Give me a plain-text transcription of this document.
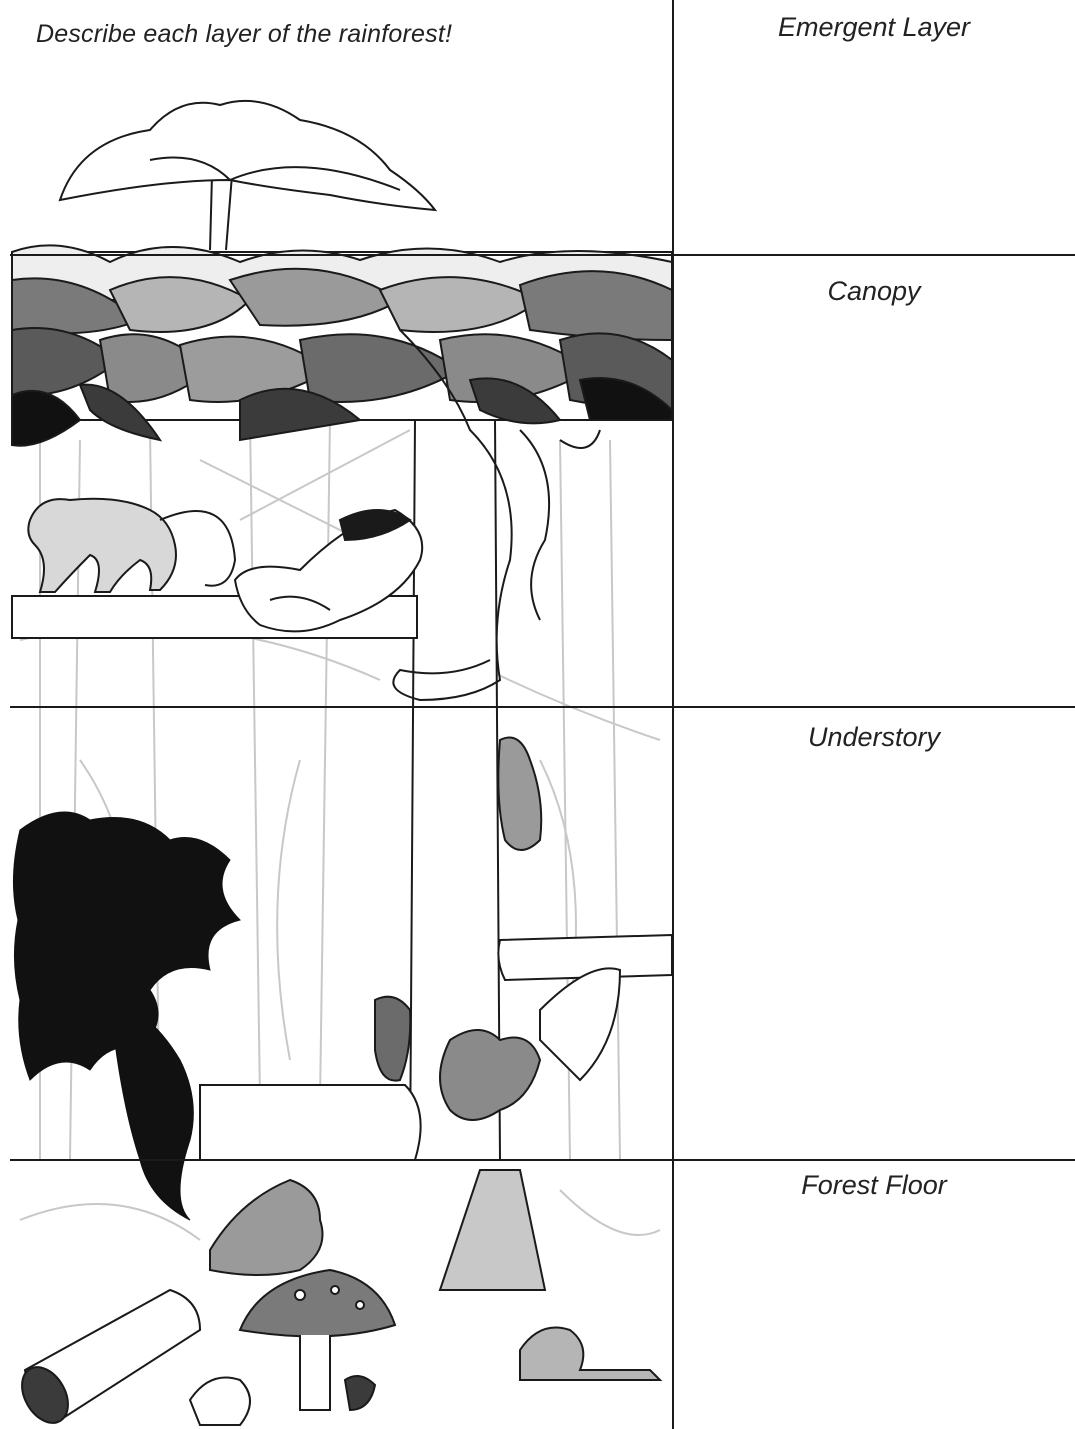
Describe each layer of the rainforest!	Emergent Layer
Canopy
Understory
Forest Floor
